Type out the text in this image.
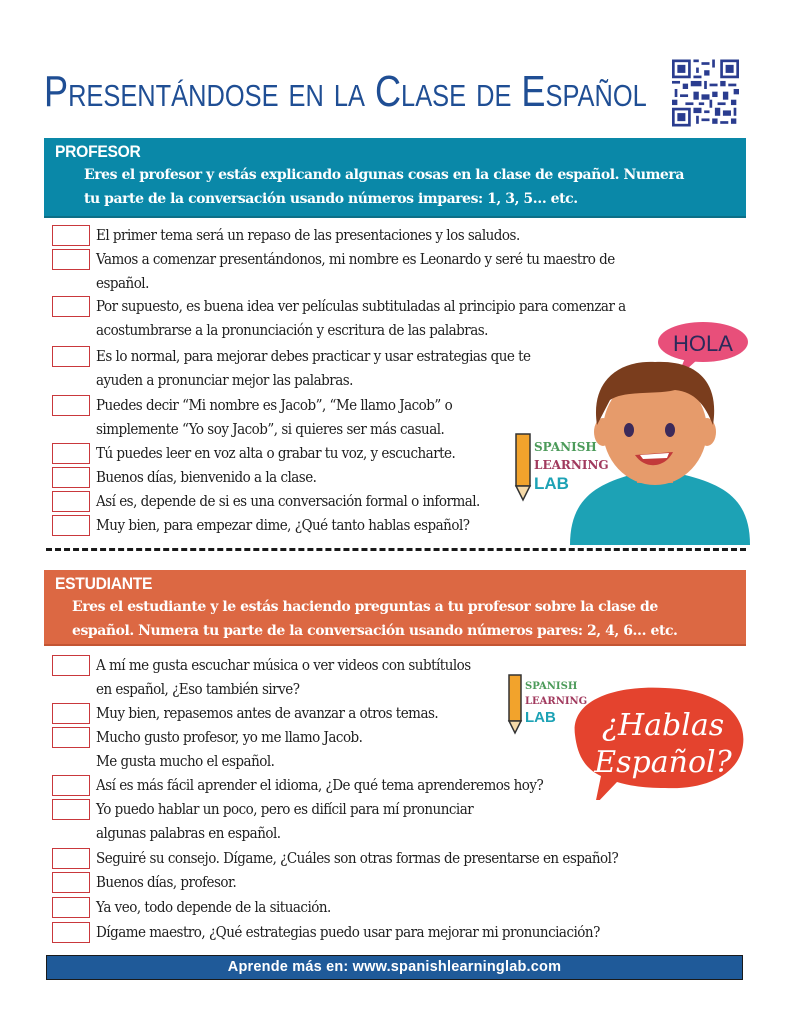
Presentándose en la Clase de Español
PROFESOR
Eres el profesor y estás explicando algunas cosas en la clase de español. Numera
tu parte de la conversación usando números impares: 1, 3, 5… etc.
El primer tema será un repaso de las presentaciones y los saludos.
Vamos a comenzar presentándonos, mi nombre es Leonardo y seré tu maestro de
español.
Por supuesto, es buena idea ver películas subtituladas al principio para comenzar a
acostumbrarse a la pronunciación y escritura de las palabras.
Es lo normal, para mejorar debes practicar y usar estrategias que te
ayuden a pronunciar mejor las palabras.
Puedes decir “Mi nombre es Jacob”, “Me llamo Jacob” o
simplemente “Yo soy Jacob”, si quieres ser más casual.
Tú puedes leer en voz alta o grabar tu voz, y escucharte.
Buenos días, bienvenido a la clase.
Así es, depende de si es una conversación formal o informal.
Muy bien, para empezar dime, ¿Qué tanto hablas español?
HOLA
SPANISH
LEARNING
LAB
ESTUDIANTE
Eres el estudiante y le estás haciendo preguntas a tu profesor sobre la clase de
español. Numera tu parte de la conversación usando números pares: 2, 4, 6… etc.
A mí me gusta escuchar música o ver videos con subtítulos
en español, ¿Eso también sirve?
Muy bien, repasemos antes de avanzar a otros temas.
Mucho gusto profesor, yo me llamo Jacob.
Me gusta mucho el español.
Así es más fácil aprender el idioma, ¿De qué tema aprenderemos hoy?
Yo puedo hablar un poco, pero es difícil para mí pronunciar
algunas palabras en español.
Seguiré su consejo. Dígame, ¿Cuáles son otras formas de presentarse en español?
Buenos días, profesor.
Ya veo, todo depende de la situación.
Dígame maestro, ¿Qué estrategias puedo usar para mejorar mi pronunciación?
SPANISH
LEARNING
LAB ¿Hablas
Español?
Aprende más en: www.spanishlearninglab.com
